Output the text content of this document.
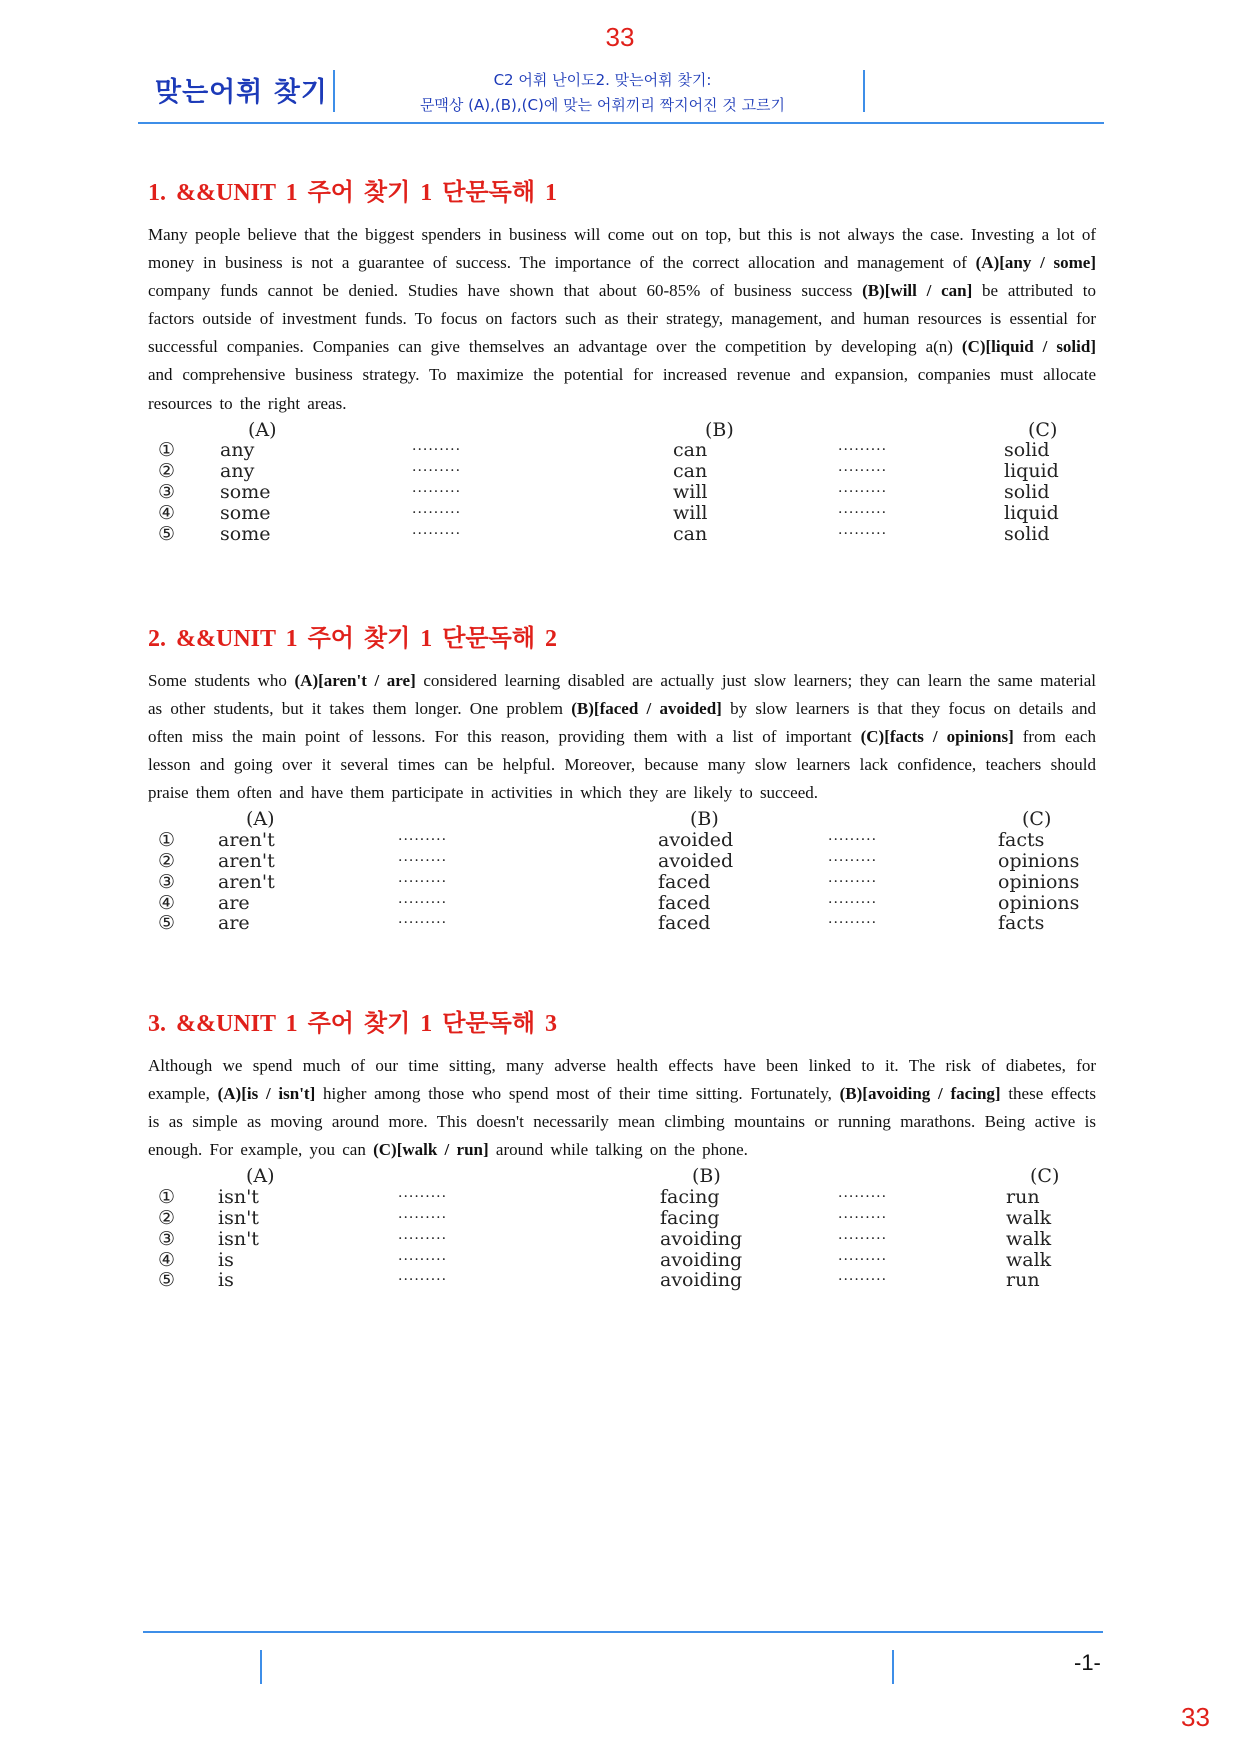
33
맞는어휘 찾기	C2 어휘 난이도2. 맞는어휘 찾기:
문맥상 (A),(B),(C)에 맞는 어휘끼리 짝지어진 것 고르기
1. &&UNIT 1 주어 찾기 1 단문독해 1

Many people believe that the biggest spenders in business will come out on top, but this is not always the case. Investing a lot of money in business is not a guarantee of success. The importance of the correct allocation and management of (A)[any / some] company funds cannot be denied. Studies have shown that about 60-85% of business success (B)[will / can] be attributed to factors outside of investment funds. To focus on factors such as their strategy, management, and human resources is essential for successful companies. Companies can give themselves an advantage over the competition by developing a(n) (C)[liquid / solid] and comprehensive business strategy. To maximize the potential for increased revenue and expansion, companies must allocate resources to the right areas.

(A)	(B)	(C)
① any	·········	can	·········	solid
② any	·········	can	·········	liquid
③ some	·········	will	·········	solid
④ some	·········	will	·········	liquid
⑤ some	·········	can	·········	solid
2. &&UNIT 1 주어 찾기 1 단문독해 2

Some students who (A)[aren't / are] considered learning disabled are actually just slow learners; they can learn the same material as other students, but it takes them longer. One problem (B)[faced / avoided] by slow learners is that they focus on details and often miss the main point of lessons. For this reason, providing them with a list of important (C)[facts / opinions] from each lesson and going over it several times can be helpful. Moreover, because many slow learners lack confidence, teachers should praise them often and have them participate in activities in which they are likely to succeed.

(A)	(B)	(C)
① aren't	·········	avoided	·········	facts
② aren't	·········	avoided	·········	opinions
③ aren't	·········	faced	·········	opinions
④ are	·········	faced	·········	opinions
⑤ are	·········	faced	·········	facts
3. &&UNIT 1 주어 찾기 1 단문독해 3

Although we spend much of our time sitting, many adverse health effects have been linked to it. The risk of diabetes, for example, (A)[is / isn't] higher among those who spend most of their time sitting. Fortunately, (B)[avoiding / facing] these effects is as simple as moving around more. This doesn't necessarily mean climbing mountains or running marathons. Being active is enough. For example, you can (C)[walk / run] around while talking on the phone.

(A)	(B)	(C)
① isn't	·········	facing	·········	run
② isn't	·········	facing	·········	walk
③ isn't	·········	avoiding	·········	walk
④ is	·········	avoiding	·········	walk
⑤ is	·········	avoiding	·········	run
-1-
33
